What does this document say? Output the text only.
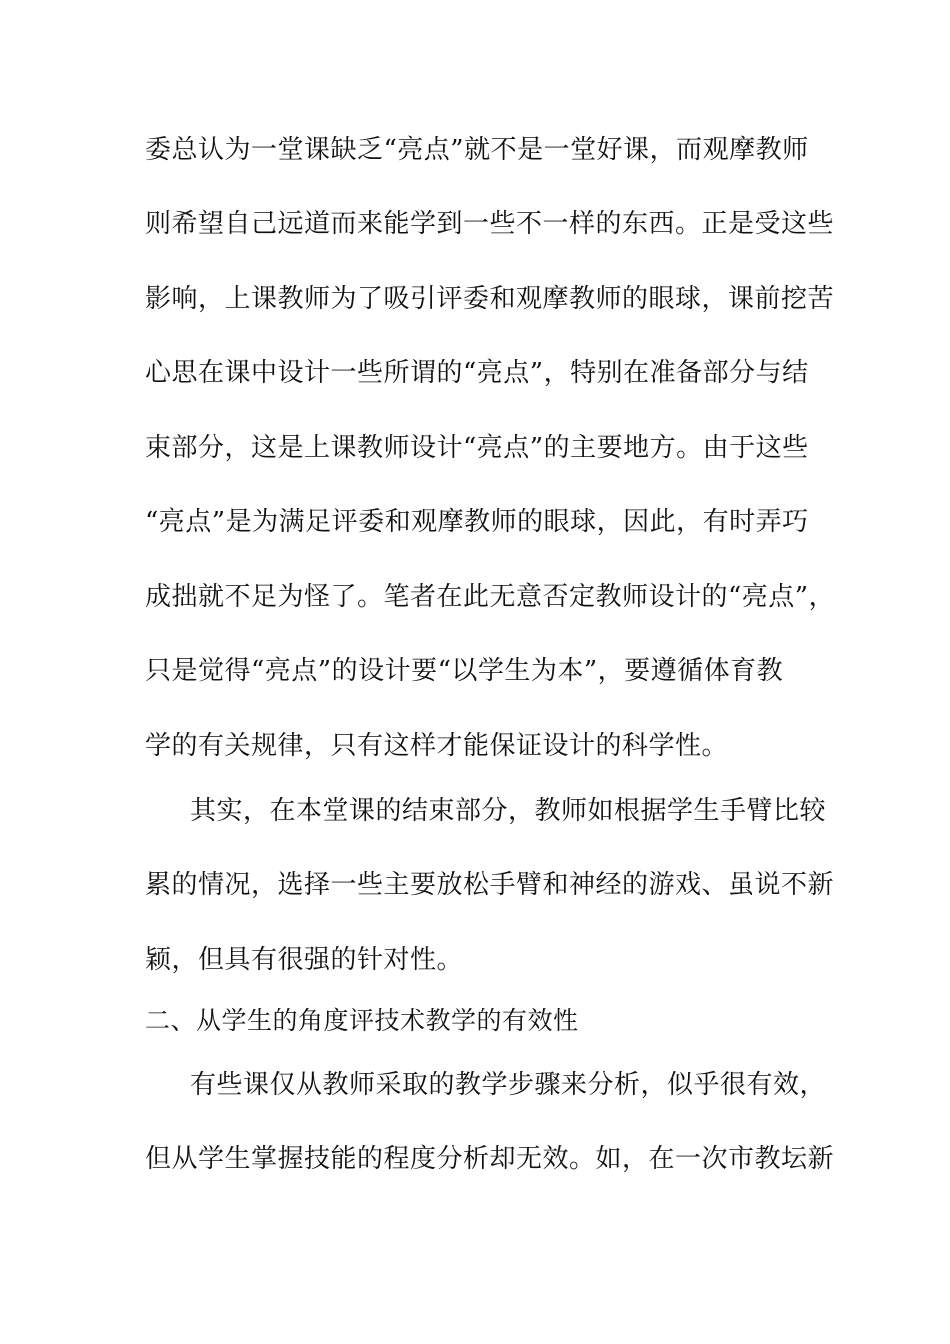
委总认为一堂课缺乏“亮点”就不是一堂好课，而观摩教师
则希望自己远道而来能学到一些不一样的东西。正是受这些
影响，上课教师为了吸引评委和观摩教师的眼球，课前挖苦
心思在课中设计一些所谓的“亮点”，特别在准备部分与结
束部分，这是上课教师设计“亮点”的主要地方。由于这些
“亮点”是为满足评委和观摩教师的眼球，因此，有时弄巧
成拙就不足为怪了。笔者在此无意否定教师设计的“亮点”，
只是觉得“亮点”的设计要“以学生为本”，要遵循体育教
学的有关规律，只有这样才能保证设计的科学性。
其实，在本堂课的结束部分，教师如根据学生手臂比较
累的情况，选择一些主要放松手臂和神经的游戏、虽说不新
颖，但具有很强的针对性。
二、从学生的角度评技术教学的有效性
有些课仅从教师采取的教学步骤来分析，似乎很有效，
但从学生掌握技能的程度分析却无效。如，在一次市教坛新
